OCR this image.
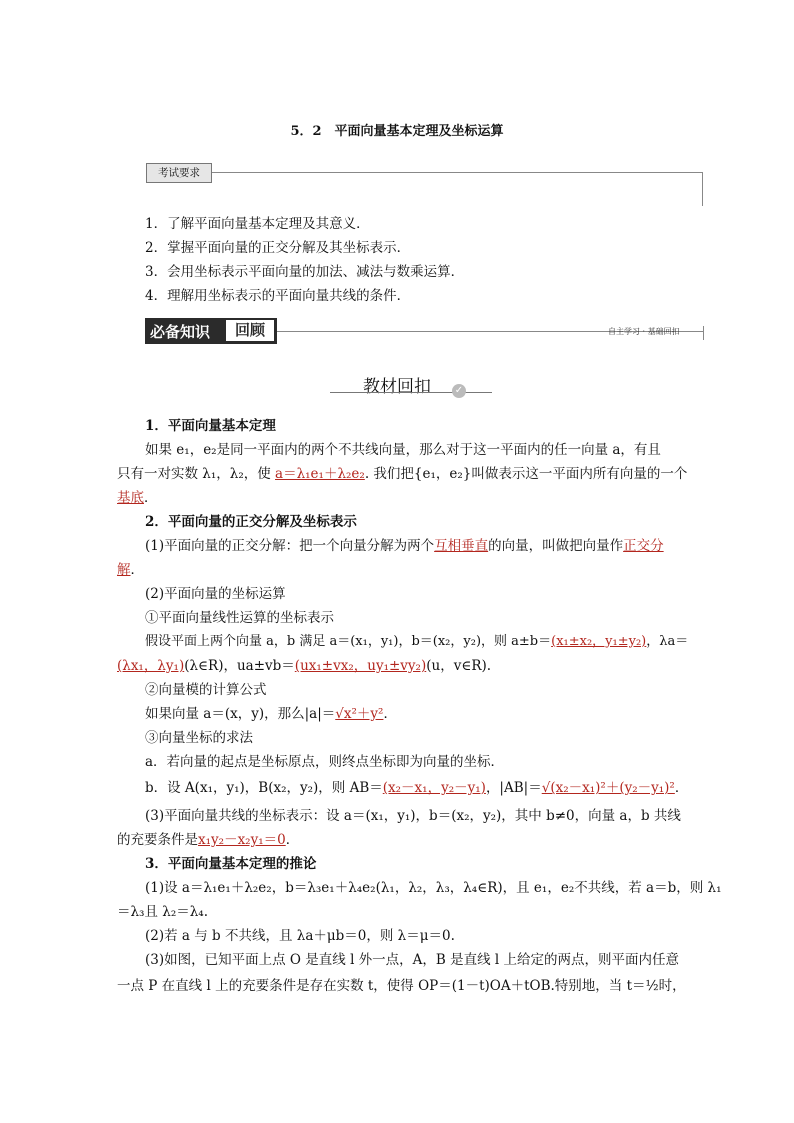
5．2　平面向量基本定理及坐标运算
考试要求
1．了解平面向量基本定理及其意义．
2．掌握平面向量的正交分解及其坐标表示．
3．会用坐标表示平面向量的加法、减法与数乘运算．
4．理解用坐标表示的平面向量共线的条件．
必备知识	回顾	自主学习 · 基础回扣
教材回扣	✓
1．平面向量基本定理
如果 e₁，e₂是同一平面内的两个不共线向量，那么对于这一平面内的任一向量 a，有且
只有一对实数 λ₁，λ₂，使 a＝λ₁e₁＋λ₂e₂. 我们把{e₁，e₂}叫做表示这一平面内所有向量的一个
基底．
2．平面向量的正交分解及坐标表示
(1)平面向量的正交分解：把一个向量分解为两个互相垂直的向量，叫做把向量作正交分
解．
(2)平面向量的坐标运算
①平面向量线性运算的坐标表示
假设平面上两个向量 a，b 满足 a＝(x₁，y₁)，b＝(x₂，y₂)，则 a±b＝(x₁±x₂，y₁±y₂)，λa＝
(λx₁，λy₁)(λ∈R)，ua±vb＝(ux₁±vx₂，uy₁±vy₂)(u，v∈R).
②向量模的计算公式
如果向量 a＝(x，y)，那么|a|＝√x²＋y²．
③向量坐标的求法
a．若向量的起点是坐标原点，则终点坐标即为向量的坐标．
b．设 A(x₁，y₁)，B(x₂，y₂)，则 AB＝(x₂－x₁，y₂－y₁)，|AB|＝√(x₂－x₁)²＋(y₂－y₁)²．
(3)平面向量共线的坐标表示：设 a＝(x₁，y₁)，b＝(x₂，y₂)，其中 b≠0，向量 a，b 共线
的充要条件是x₁y₂－x₂y₁＝0．
3．平面向量基本定理的推论
(1)设 a＝λ₁e₁＋λ₂e₂，b＝λ₃e₁＋λ₄e₂(λ₁，λ₂，λ₃，λ₄∈R)，且 e₁，e₂不共线，若 a＝b，则 λ₁
＝λ₃且 λ₂＝λ₄.
(2)若 a 与 b 不共线，且 λa＋μb＝0，则 λ＝μ＝0.
(3)如图，已知平面上点 O 是直线 l 外一点，A，B 是直线 l 上给定的两点，则平面内任意
一点 P 在直线 l 上的充要条件是存在实数 t，使得 OP＝(1－t)OA＋tOB.特别地，当 t＝½时，
